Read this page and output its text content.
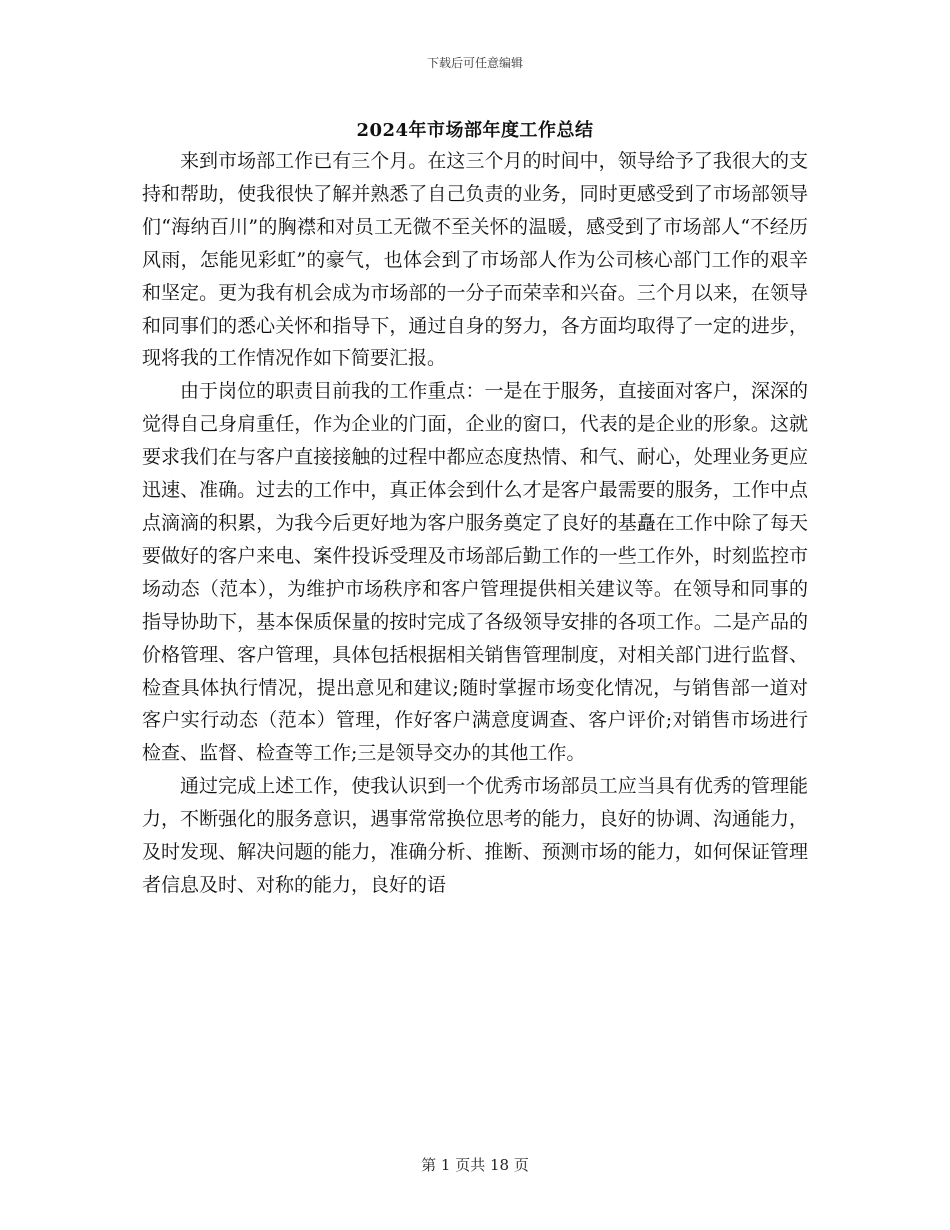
下载后可任意编辑
2024年市场部年度工作总结

来到市场部工作已有三个月。在这三个月的时间中，领导给予了我很大的支持和帮助，使我很快了解并熟悉了自己负责的业务，同时更感受到了市场部领导们“海纳百川”的胸襟和对员工无微不至关怀的温暖，感受到了市场部人“不经历风雨，怎能见彩虹”的豪气，也体会到了市场部人作为公司核心部门工作的艰辛和坚定。更为我有机会成为市场部的一分子而荣幸和兴奋。三个月以来，在领导和同事们的悉心关怀和指导下，通过自身的努力，各方面均取得了一定的进步，现将我的工作情况作如下简要汇报。

由于岗位的职责目前我的工作重点：一是在于服务，直接面对客户，深深的觉得自己身肩重任，作为企业的门面，企业的窗口，代表的是企业的形象。这就要求我们在与客户直接接触的过程中都应态度热情、和气、耐心，处理业务更应迅速、准确。过去的工作中，真正体会到什么才是客户最需要的服务，工作中点点滴滴的积累，为我今后更好地为客户服务奠定了良好的基矗在工作中除了每天要做好的客户来电、案件投诉受理及市场部后勤工作的一些工作外，时刻监控市场动态（范本），为维护市场秩序和客户管理提供相关建议等。在领导和同事的指导协助下，基本保质保量的按时完成了各级领导安排的各项工作。二是产品的价格管理、客户管理，具体包括根据相关销售管理制度，对相关部门进行监督、检查具体执行情况，提出意见和建议;随时掌握市场变化情况，与销售部一道对客户实行动态（范本）管理，作好客户满意度调查、客户评价;对销售市场进行检查、监督、检查等工作;三是领导交办的其他工作。

通过完成上述工作，使我认识到一个优秀市场部员工应当具有优秀的管理能力，不断强化的服务意识，遇事常常换位思考的能力，良好的协调、沟通能力，及时发现、解决问题的能力，准确分析、推断、预测市场的能力，如何保证管理者信息及时、对称的能力，良好的语

第 1 页共 18 页
